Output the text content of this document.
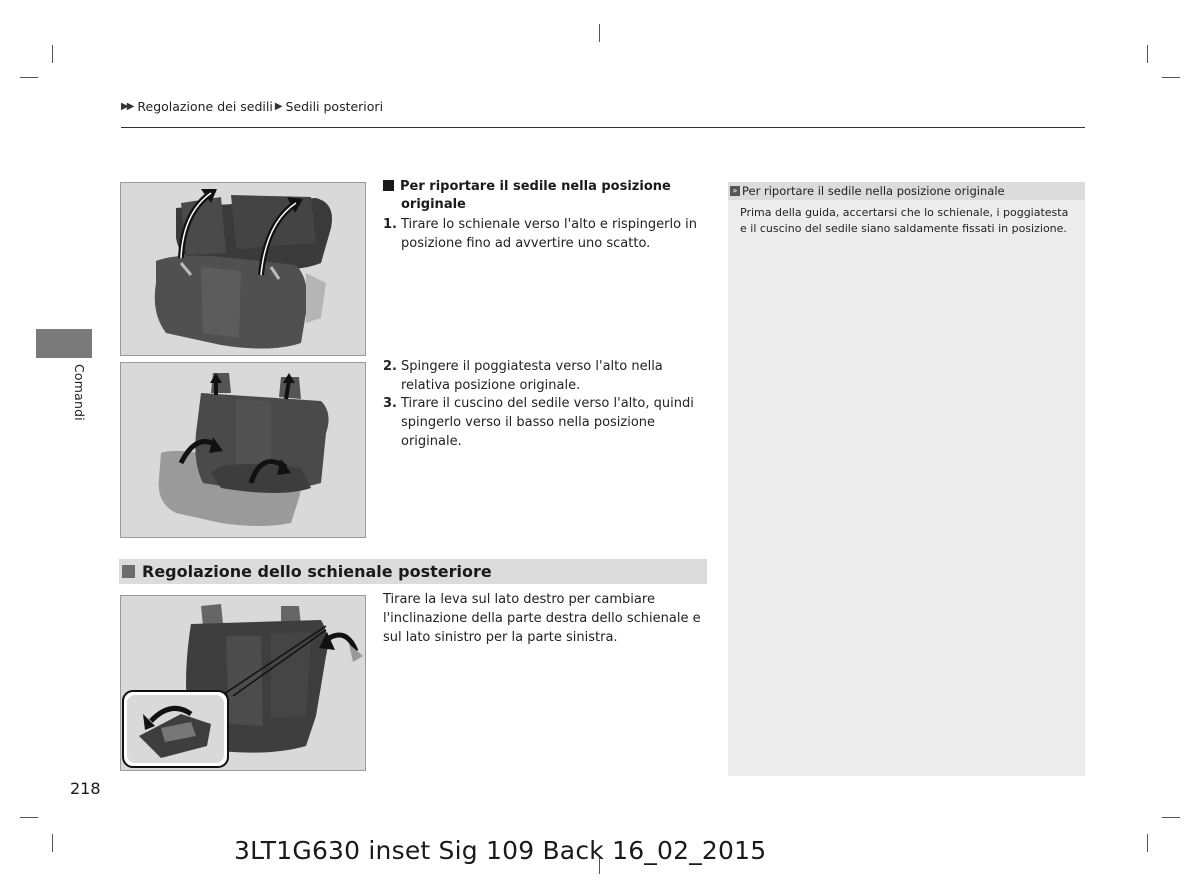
▶▶ Regolazione dei sedili ▶ Sedili posteriori
Comandi
Per riportare il sedile nella posizione
originale
1. Tirare lo schienale verso l'alto e rispingerlo in posizione fino ad avvertire uno scatto.
2. Spingere il poggiatesta verso l'alto nella relativa posizione originale.
3. Tirare il cuscino del sedile verso l'alto, quindi spingerlo verso il basso nella posizione originale.
Regolazione dello schienale posteriore
Tirare la leva sul lato destro per cambiare l'inclinazione della parte destra dello schienale e sul lato sinistro per la parte sinistra.
» Per riportare il sedile nella posizione originale
Prima della guida, accertarsi che lo schienale, i poggiatesta e il cuscino del sedile siano saldamente fissati in posizione.
218
3LT1G630 inset Sig 109 Back 16_02_2015
